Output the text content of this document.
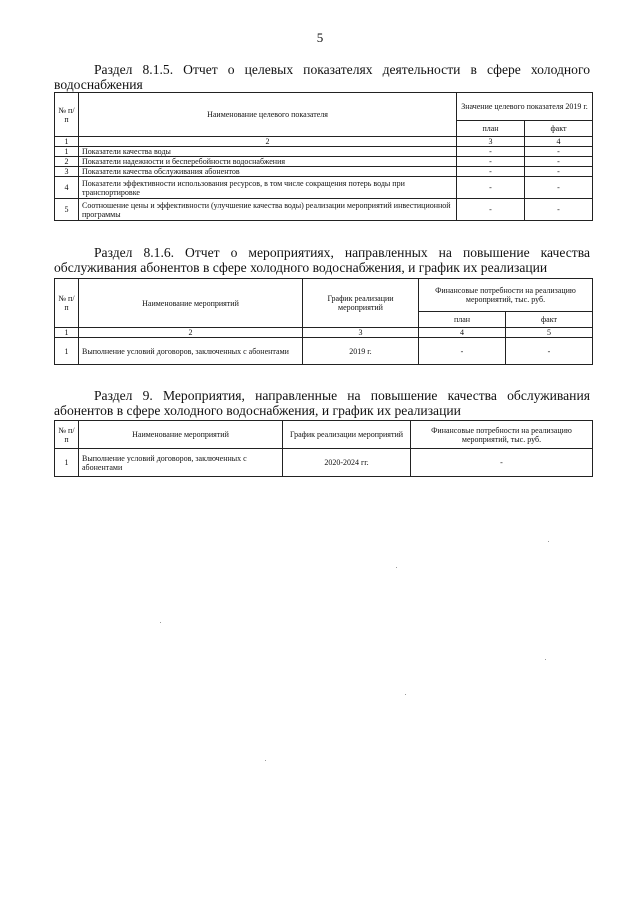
5
Раздел 8.1.5. Отчет о целевых показателях деятельности в сфере холодного водоснабжения
№ п/п	Наименование целевого показателя	Значение целевого показателя 2019 г.	
		план	факт
1	2	3	4
1	Показатели качества воды	-	-
2	Показатели надежности и бесперебойности водоснабжения	-	-
3	Показатели качества обслуживания абонентов	-	-
4	Показатели эффективности использования ресурсов, в том числе сокращения потерь воды при транспортировке	-	-
5	Соотношение цены и эффективности (улучшение качества воды) реализации мероприятий инвестиционной программы	-	-
Раздел 8.1.6. Отчет о мероприятиях, направленных на повышение качества обслуживания абонентов в сфере холодного водоснабжения, и график их реализации
№ п/п	Наименование мероприятий	График реализации мероприятий	Финансовые потребности на реализацию мероприятий, тыс. руб.	
			план	факт
1	2	3	4	5
1	Выполнение условий договоров, заключенных с абонентами	2019 г.	-	-
Раздел 9. Мероприятия, направленные на повышение качества обслуживания абонентов в сфере холодного водоснабжения, и график их реализации
№ п/п	Наименование мероприятий	График реализации мероприятий	Финансовые потребности на реализацию мероприятий, тыс. руб.
1	Выполнение условий договоров, заключенных с абонентами	2020-2024 гг.	-
